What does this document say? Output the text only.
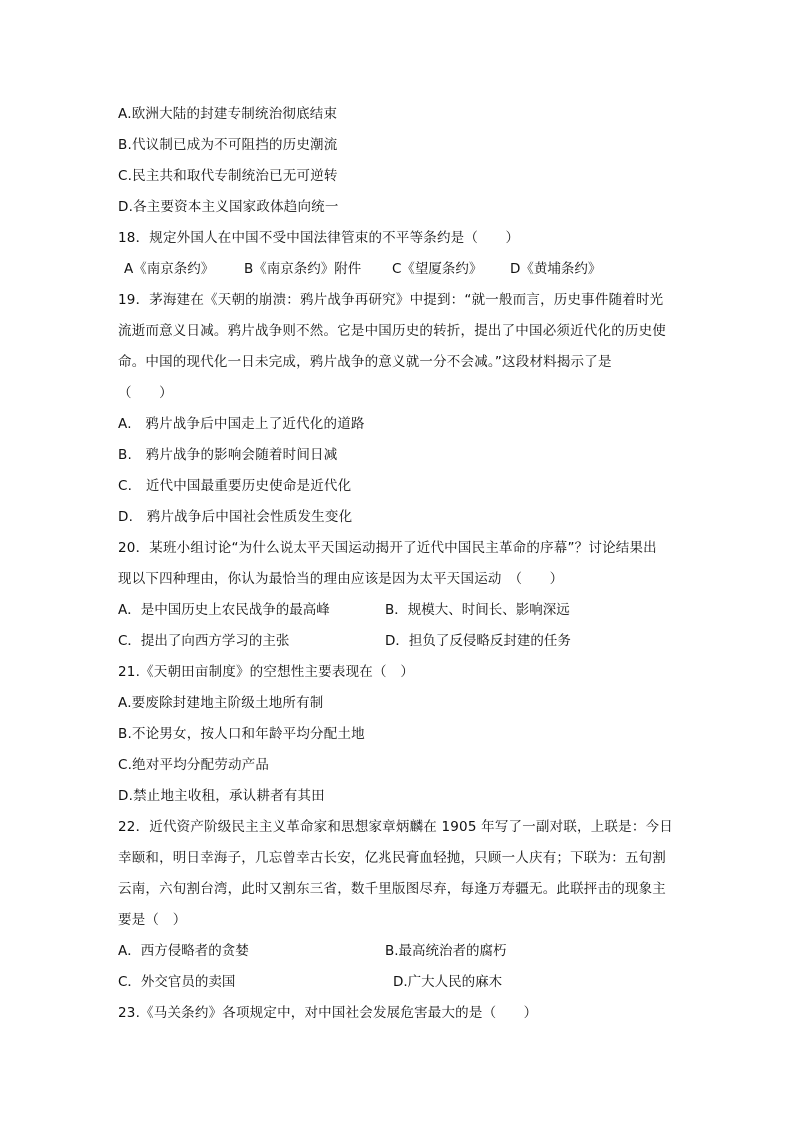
A.欧洲大陆的封建专制统治彻底结束
B.代议制已成为不可阻挡的历史潮流
C.民主共和取代专制统治已无可逆转
D.各主要资本主义国家政体趋向统一
18．规定外国人在中国不受中国法律管束的不平等条约是（　　）
A《南京条约》 B《南京条约》附件 C《望厦条约》 D《黄埔条约》
19．茅海建在《天朝的崩溃：鸦片战争再研究》中提到：“就一般而言，历史事件随着时光
流逝而意义日减。鸦片战争则不然。它是中国历史的转折，提出了中国必须近代化的历史使
命。中国的现代化一日未完成，鸦片战争的意义就一分不会减。”这段材料揭示了是
（　　）
A.　鸦片战争后中国走上了近代化的道路
B.　鸦片战争的影响会随着时间日减
C.　近代中国最重要历史使命是近代化
D.　鸦片战争后中国社会性质发生变化
20．某班小组讨论“为什么说太平天国运动揭开了近代中国民主革命的序幕”？讨论结果出
现以下四种理由，你认为最恰当的理由应该是因为太平天国运动　（　　）
A．是中国历史上农民战争的最高峰	B．规模大、时间长、影响深远
C．提出了向西方学习的主张	D．担负了反侵略反封建的任务
21.《天朝田亩制度》的空想性主要表现在（　）
A.要废除封建地主阶级土地所有制
B.不论男女，按人口和年龄平均分配土地
C.绝对平均分配劳动产品
D.禁止地主收租，承认耕者有其田
22．近代资产阶级民主主义革命家和思想家章炳麟在 1905 年写了一副对联，上联是：今日
幸颐和，明日幸海子，几忘曾幸古长安，亿兆民膏血轻抛，只顾一人庆有；下联为：五旬割
云南，六旬割台湾，此时又割东三省，数千里版图尽弃，每逢万寿疆无。此联抨击的现象主
要是（　）
A．西方侵略者的贪婪	B.最高统治者的腐朽
C．外交官员的卖国	D.广大人民的麻木
23.《马关条约》各项规定中，对中国社会发展危害最大的是（　　）
